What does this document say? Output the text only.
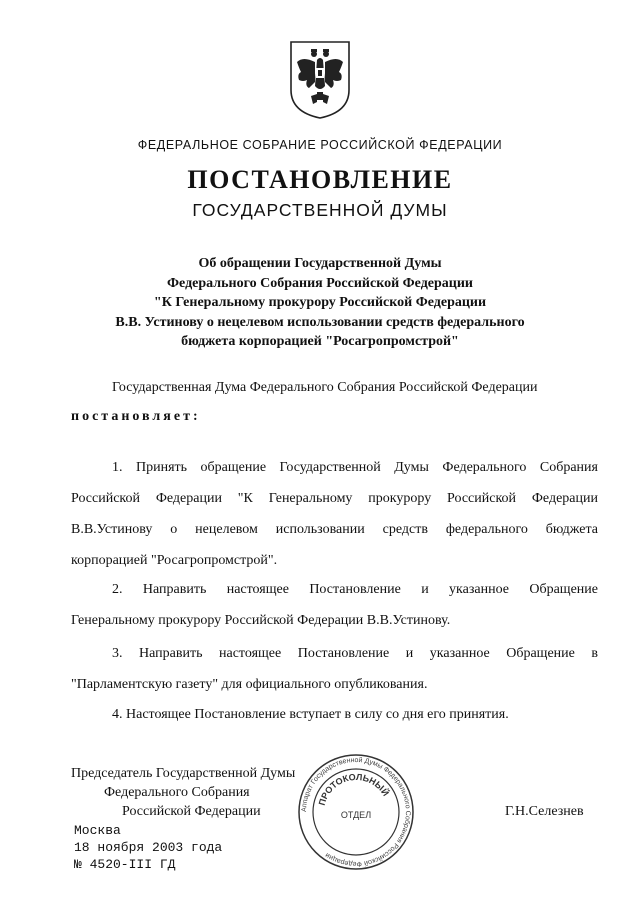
ФЕДЕРАЛЬНОЕ СОБРАНИЕ РОССИЙСКОЙ ФЕДЕРАЦИИ
ПОСТАНОВЛЕНИЕ
ГОСУДАРСТВЕННОЙ ДУМЫ
Об обращении Государственной Думы
Федерального Собрания Российской Федерации
"К Генеральному прокурору Российской Федерации
В.В. Устинову о нецелевом использовании средств федерального
бюджета корпорацией "Росагропромстрой"
Государственная Дума Федерального Собрания Российской Федерации
постановляет:
1. Принять обращение Государственной Думы Федерального Собрания
Российской Федерации "К Генеральному прокурору Российской Федерации
В.В.Устинову о нецелевом использовании средств федерального бюджета
корпорацией "Росагропромстрой".
2. Направить настоящее Постановление и указанное Обращение
Генеральному прокурору Российской Федерации В.В.Устинову.
3. Направить настоящее Постановление и указанное Обращение в
"Парламентскую газету" для официального опубликования.
4. Настоящее Постановление вступает в силу со дня его принятия.
Председатель Государственной Думы
Федерального Собрания
Российской Федерации	Г.Н.Селезнев
Аппарат Государственной Думы Федерального Собрания Российской Федерации
ПРОТОКОЛЬНЫЙ
ОТДЕЛ
Москва
18 ноября 2003 года
№ 4520-III ГД
